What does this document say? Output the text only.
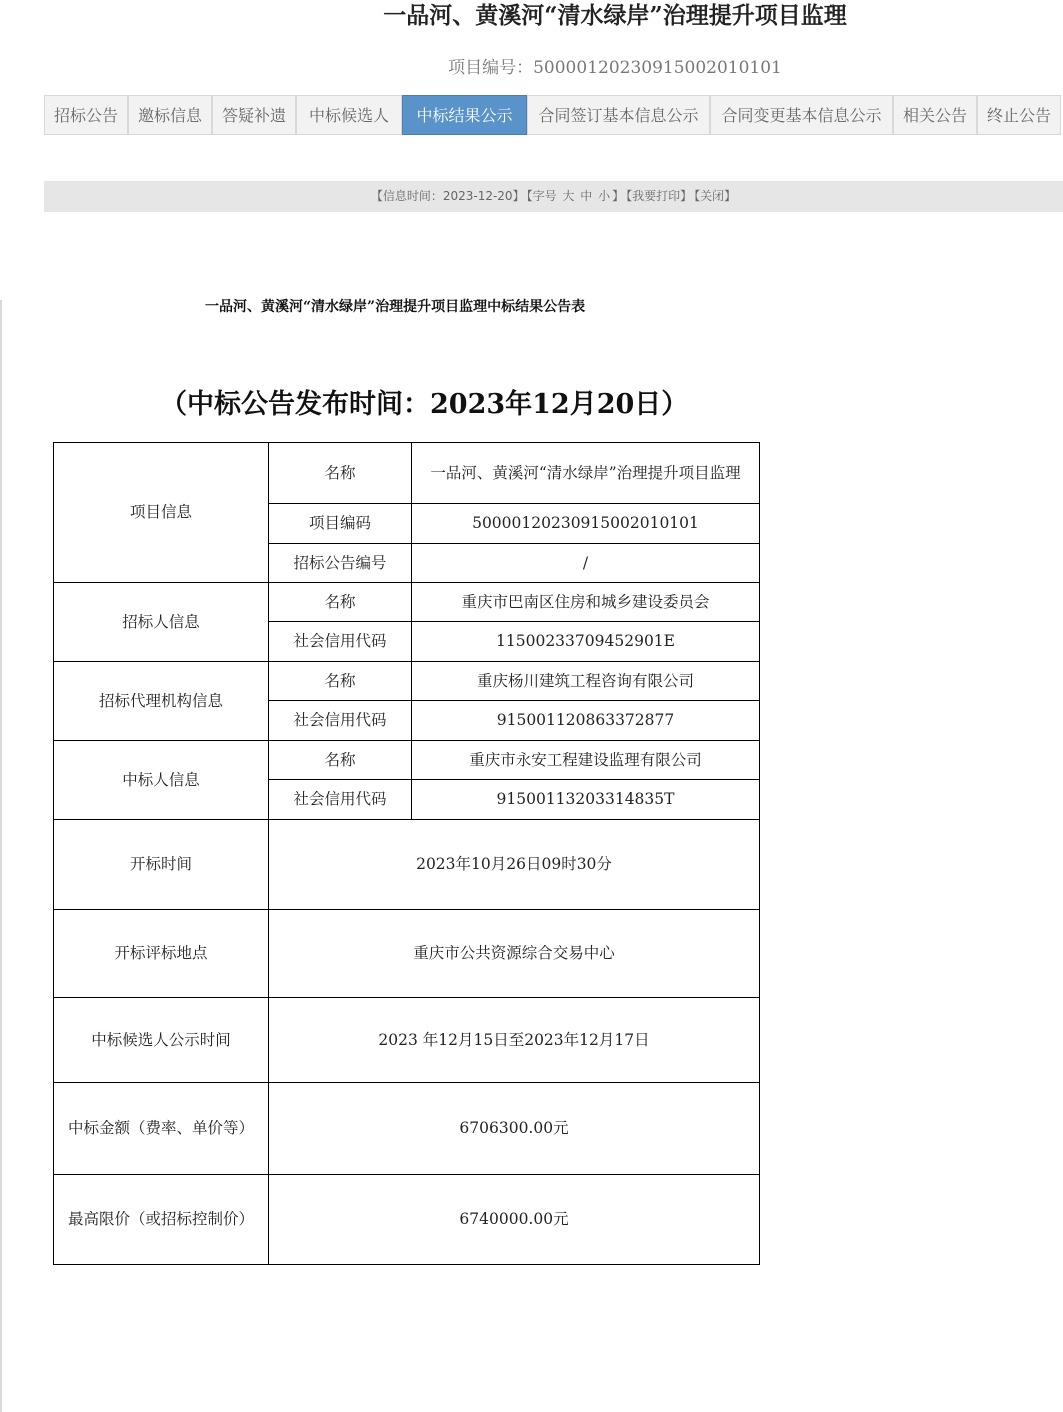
一品河、黄溪河“清水绿岸”治理提升项目监理
项目编号：500001202309150020101​01
招标公告	邀标信息	答疑补遗	中标候选人	中标结果公示	合同签订基本信息公示	合同变更基本信息公示	相关公告	终止公告
【信息时间：2023-12-20】 【字号 大 中 小 】 【我要打印】 【关闭】
一品河、黄溪河“清水绿岸”治理提升项目监理中标结果公告表
（中标公告发布时间：2023年12月20日）
项目信息	名称	一品河、黄溪河“清水绿岸”治理提升项目监理
	项目编码	50000120230915002010101
	招标公告编号	/
招标人信息	名称	重庆市巴南区住房和城乡建设委员会
	社会信用代码	11500233709452901E
招标代理机构信息	名称	重庆杨川建筑工程咨询有限公司
	社会信用代码	915001120863372877
中标人信息	名称	重庆市永安工程建设监理有限公司
	社会信用代码	91500113203314835T
开标时间	2023年10月26日09时30分	
开标评标地点	重庆市公共资源综合交易中心	
中标候选人公示时间	2023 年12月15日至2023年12月17日	
中标金额（费率、单价等）	6706300.00元	
最高限价（或招标控制价）	6740000.00元	
